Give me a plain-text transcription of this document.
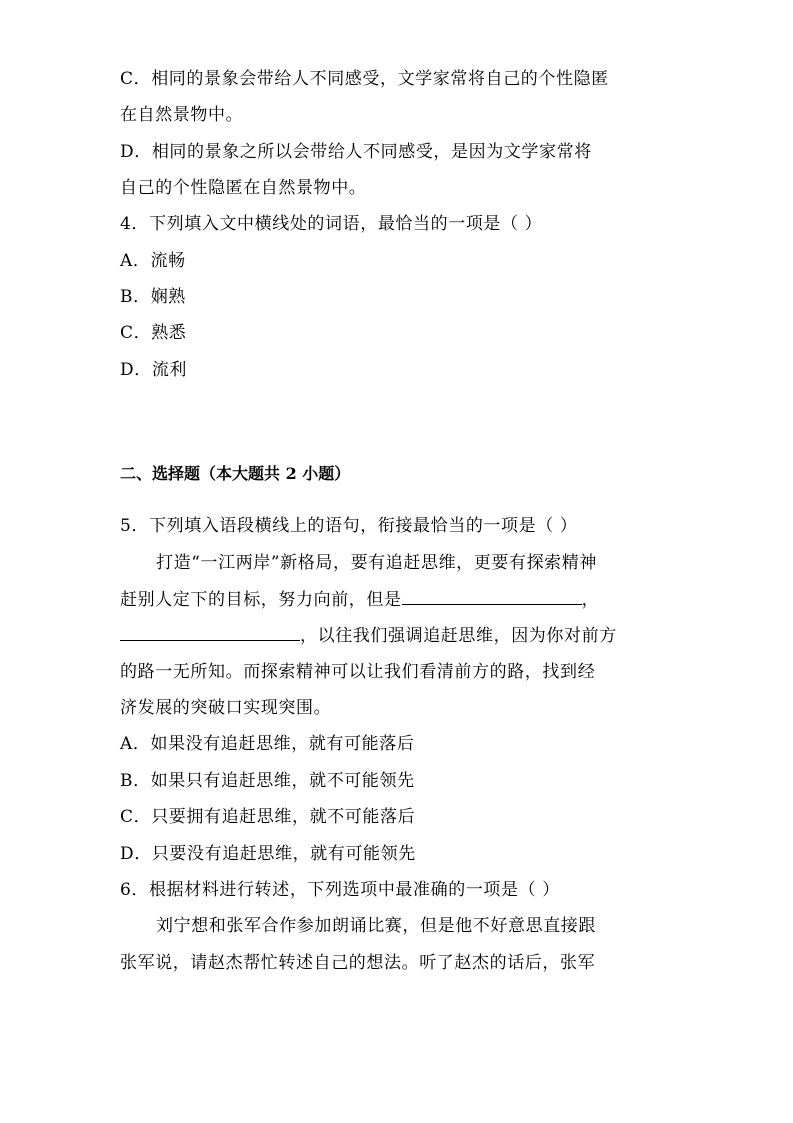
C．相同的景象会带给人不同感受，文学家常将自己的个性隐匿
在自然景物中。
D．相同的景象之所以会带给人不同感受，是因为文学家常将
自己的个性隐匿在自然景物中。
4．下列填入文中横线处的词语，最恰当的一项是（ ）
A．流畅
B．娴熟
C．熟悉
D．流利
二、选择题（本大题共 2 小题）
5．下列填入语段横线上的语句，衔接最恰当的一项是（ ）
打造“一江两岸”新格局，要有追赶思维，更要有探索精神
赶别人定下的目标，努力向前，但是	，
，以往我们强调追赶思维，因为你对前方
的路一无所知。而探索精神可以让我们看清前方的路，找到经
济发展的突破口实现突围。
A．如果没有追赶思维，就有可能落后
B．如果只有追赶思维，就不可能领先
C．只要拥有追赶思维，就不可能落后
D．只要没有追赶思维，就有可能领先
6．根据材料进行转述，下列选项中最准确的一项是（ ）
刘宁想和张军合作参加朗诵比赛，但是他不好意思直接跟
张军说，请赵杰帮忙转述自己的想法。听了赵杰的话后，张军
